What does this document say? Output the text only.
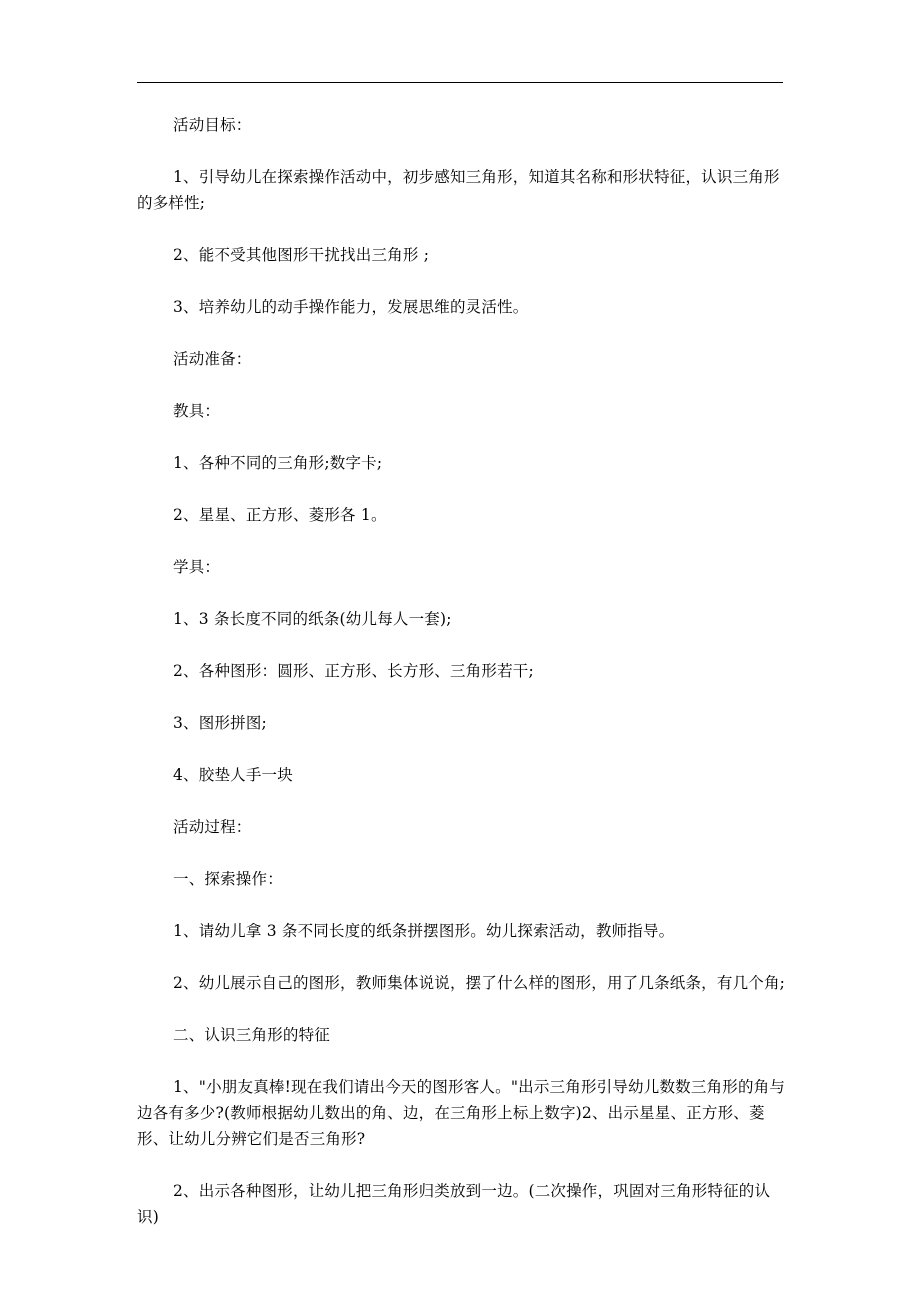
活动目标：

1、引导幼儿在探索操作活动中，初步感知三角形，知道其名称和形状特征，认识三角形的多样性;

2、能不受其他图形干扰找出三角形 ;

3、培养幼儿的动手操作能力，发展思维的灵活性。

活动准备：

教具：

1、各种不同的三角形;数字卡;

2、星星、正方形、菱形各 1。

学具：

1、3 条长度不同的纸条(幼儿每人一套);

2、各种图形：圆形、正方形、长方形、三角形若干;

3、图形拼图;

4、胶垫人手一块

活动过程：

一、探索操作：

1、请幼儿拿 3 条不同长度的纸条拼摆图形。幼儿探索活动，教师指导。

2、幼儿展示自己的图形，教师集体说说，摆了什么样的图形，用了几条纸条，有几个角;

二、认识三角形的特征

1、"小朋友真棒!现在我们请出今天的图形客人。"出示三角形引导幼儿数数三角形的角与边各有多少?(教师根据幼儿数出的角、边，在三角形上标上数字)2、出示星星、正方形、菱形、让幼儿分辨它们是否三角形?

2、出示各种图形，让幼儿把三角形归类放到一边。(二次操作，巩固对三角形特征的认识)
